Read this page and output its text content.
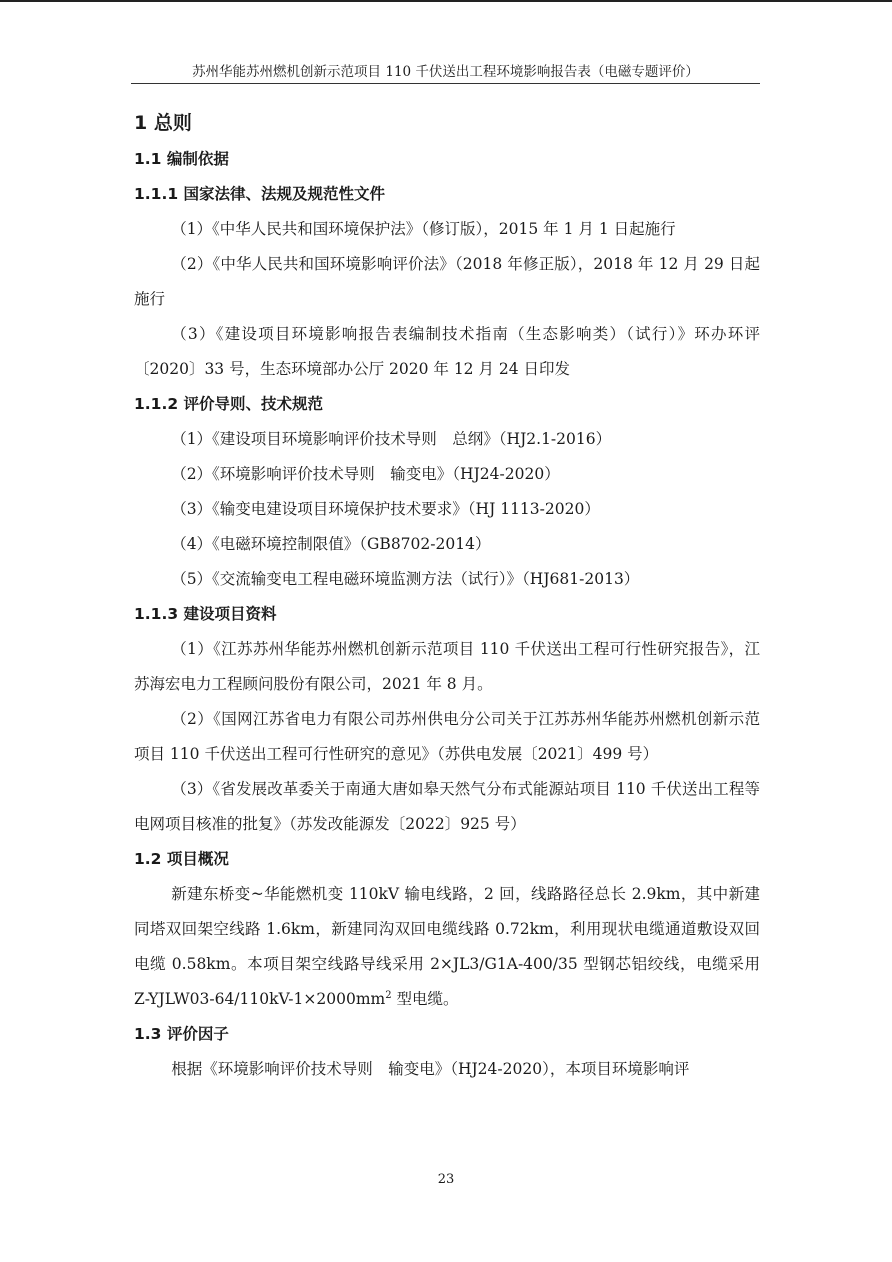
苏州华能苏州燃机创新示范项目 110 千伏送出工程环境影响报告表（电磁专题评价）
1 总则
1.1 编制依据
1.1.1 国家法律、法规及规范性文件

（1）《中华人民共和国环境保护法》（修订版），2015 年 1 月 1 日起施行

（2）《中华人民共和国环境影响评价法》（2018 年修正版），2018 年 12 月 29 日起施行

（3）《建设项目环境影响报告表编制技术指南（生态影响类）（试行）》环办环评〔2020〕33 号，生态环境部办公厅 2020 年 12 月 24 日印发

1.1.2 评价导则、技术规范

（1）《建设项目环境影响评价技术导则　总纲》（HJ2.1-2016）

（2）《环境影响评价技术导则　输变电》（HJ24-2020）

（3）《输变电建设项目环境保护技术要求》（HJ 1113-2020）

（4）《电磁环境控制限值》（GB8702-2014）

（5）《交流输变电工程电磁环境监测方法（试行）》（HJ681-2013）

1.1.3 建设项目资料

（1）《江苏苏州华能苏州燃机创新示范项目 110 千伏送出工程可行性研究报告》，江苏海宏电力工程顾问股份有限公司，2021 年 8 月。

（2）《国网江苏省电力有限公司苏州供电分公司关于江苏苏州华能苏州燃机创新示范项目 110 千伏送出工程可行性研究的意见》（苏供电发展〔2021〕499 号）

（3）《省发展改革委关于南通大唐如皋天然气分布式能源站项目 110 千伏送出工程等电网项目核准的批复》（苏发改能源发〔2022〕925 号）

1.2 项目概况

新建东桥变~华能燃机变 110kV 输电线路，2 回，线路路径总长 2.9km，其中新建同塔双回架空线路 1.6km，新建同沟双回电缆线路 0.72km，利用现状电缆通道敷设双回电缆 0.58km。本项目架空线路导线采用 2×JL3/G1A-400/35 型钢芯铝绞线，电缆采用 $Z-YJLW03-64/110kV-1\times 2000mm^2$ 型电缆。

1.3 评价因子

根据《环境影响评价技术导则　输变电》（HJ24-2020），本项目环境影响评

23
